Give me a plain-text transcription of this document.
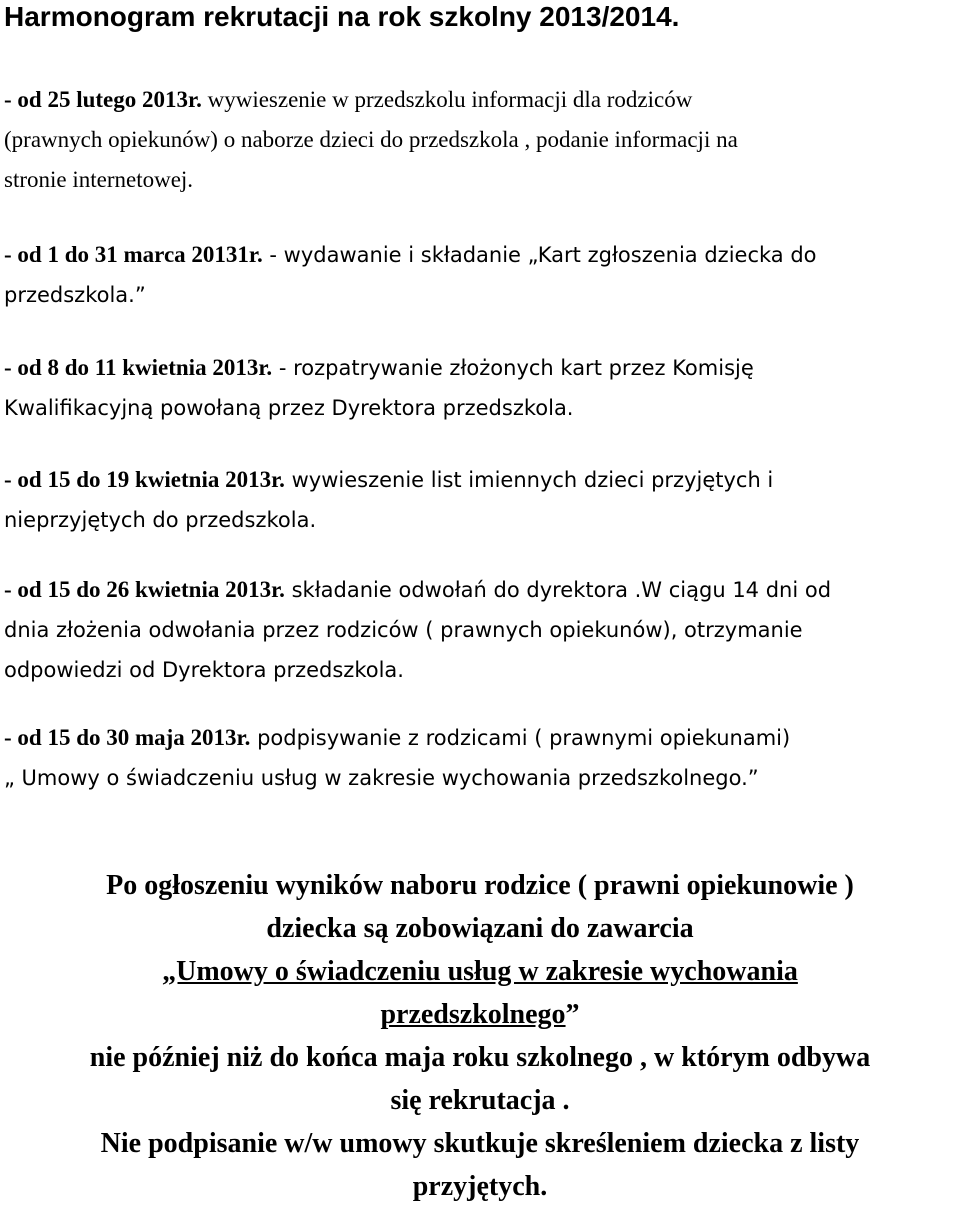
Harmonogram rekrutacji na rok szkolny 2013/2014.

- od 25 lutego 2013r. wywieszenie w przedszkolu informacji dla rodziców
(prawnych opiekunów) o naborze dzieci do przedszkola , podanie informacji na
stronie internetowej.

- od 1 do 31 marca 20131r. - wydawanie i składanie „Kart zgłoszenia dziecka do
przedszkola.”

- od 8 do 11 kwietnia 2013r. - rozpatrywanie złożonych kart przez Komisję
Kwalifikacyjną powołaną przez Dyrektora przedszkola.

- od 15 do 19 kwietnia 2013r. wywieszenie list imiennych dzieci przyjętych i
nieprzyjętych do przedszkola.

- od 15 do 26 kwietnia 2013r. składanie odwołań do dyrektora .W ciągu 14 dni od
dnia złożenia odwołania przez rodziców ( prawnych opiekunów), otrzymanie
odpowiedzi od Dyrektora przedszkola.

- od 15 do 30 maja 2013r. podpisywanie z rodzicami ( prawnymi opiekunami)
„ Umowy o świadczeniu usług w zakresie wychowania przedszkolnego.”

Po ogłoszeniu wyników naboru rodzice ( prawni opiekunowie )
dziecka są zobowiązani do zawarcia
„Umowy o świadczeniu usług w zakresie wychowania
przedszkolnego”
nie później niż do końca maja roku szkolnego , w którym odbywa
się rekrutacja .
Nie podpisanie w/w umowy skutkuje skreśleniem dziecka z listy
przyjętych.
